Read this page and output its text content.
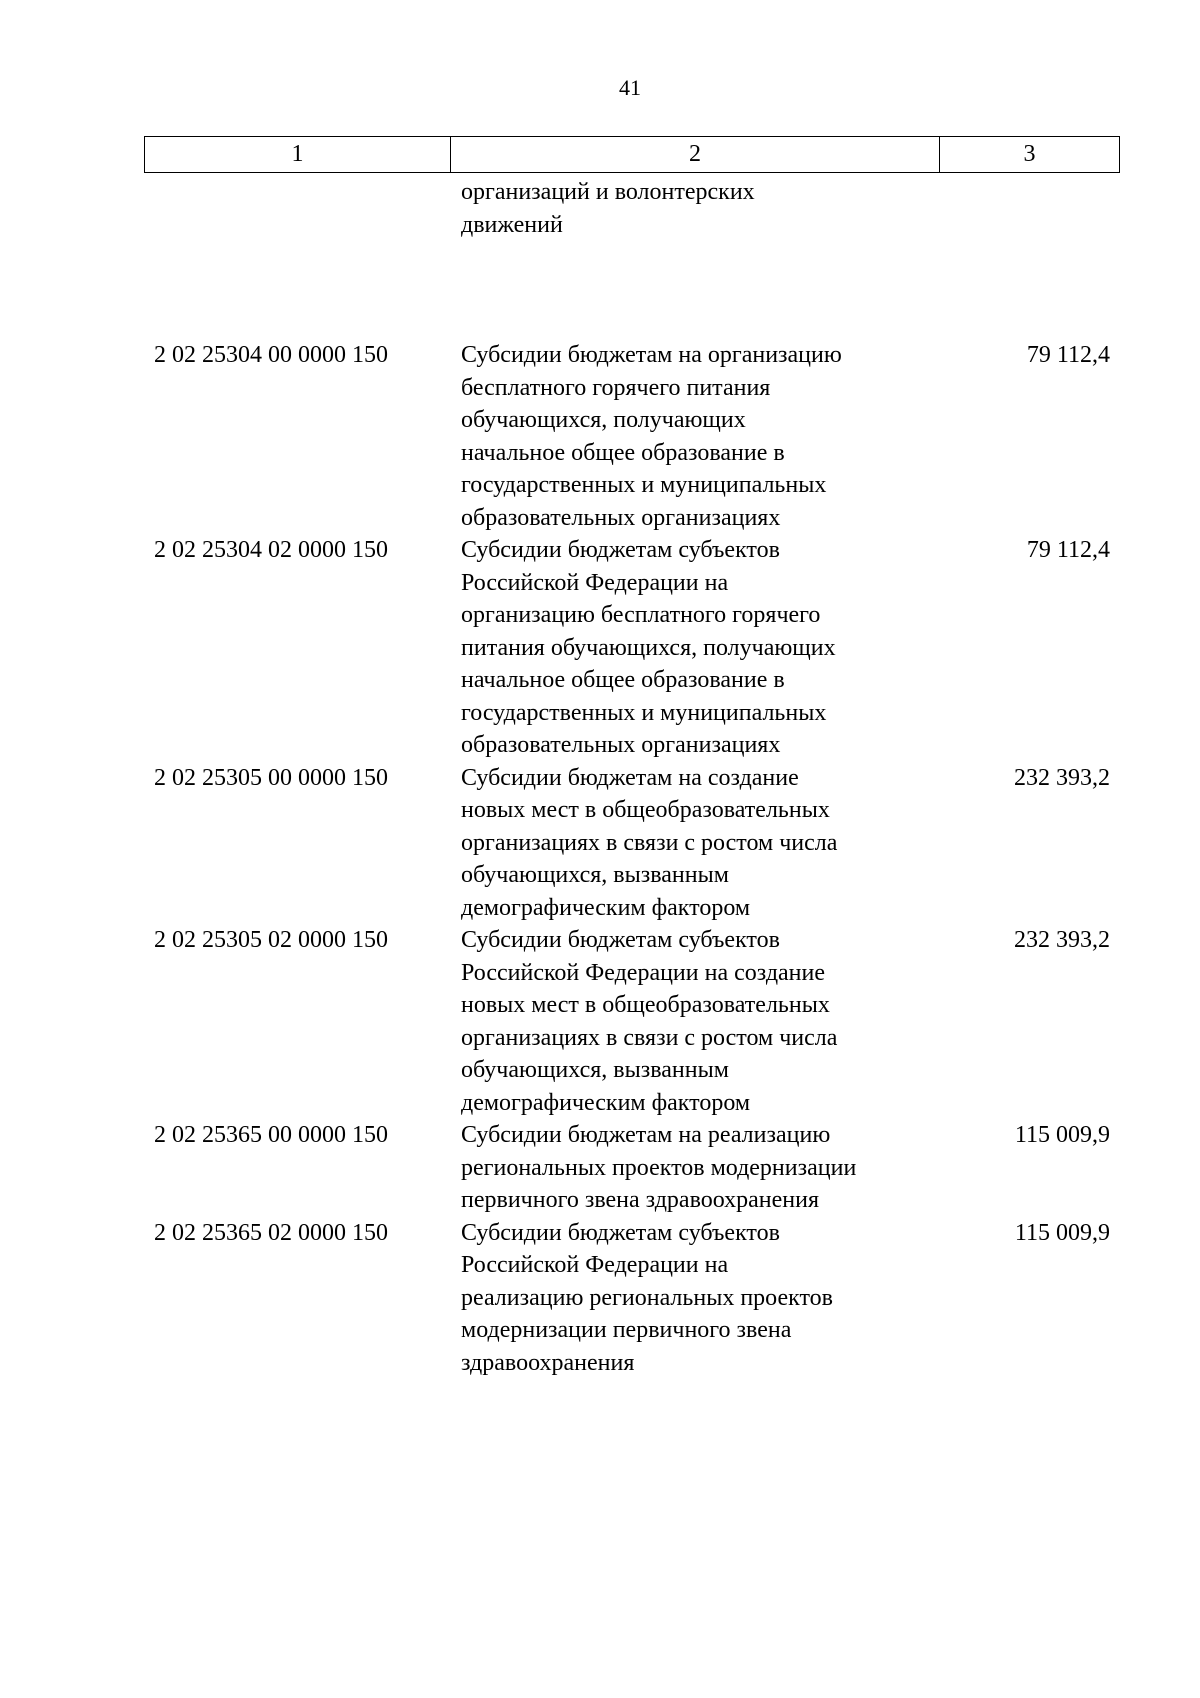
41
1	2	3
организаций и волонтерских
движений
2 02 25304 00 0000 150	Субсидии бюджетам на организацию
бесплатного горячего питания
обучающихся, получающих
начальное общее образование в
государственных и муниципальных
образовательных организациях
79 112,4
2 02 25304 02 0000 150	Субсидии бюджетам субъектов
Российской Федерации на
организацию бесплатного горячего
питания обучающихся, получающих
начальное общее образование в
государственных и муниципальных
образовательных организациях
79 112,4
2 02 25305 00 0000 150	Субсидии бюджетам на создание
новых мест в общеобразовательных
организациях в связи с ростом числа
обучающихся, вызванным
демографическим фактором
232 393,2
2 02 25305 02 0000 150	Субсидии бюджетам субъектов
Российской Федерации на создание
новых мест в общеобразовательных
организациях в связи с ростом числа
обучающихся, вызванным
демографическим фактором
232 393,2
2 02 25365 00 0000 150	Субсидии бюджетам на реализацию
региональных проектов модернизации
первичного звена здравоохранения
115 009,9
2 02 25365 02 0000 150	Субсидии бюджетам субъектов
Российской Федерации на
реализацию региональных проектов
модернизации первичного звена
здравоохранения
115 009,9
